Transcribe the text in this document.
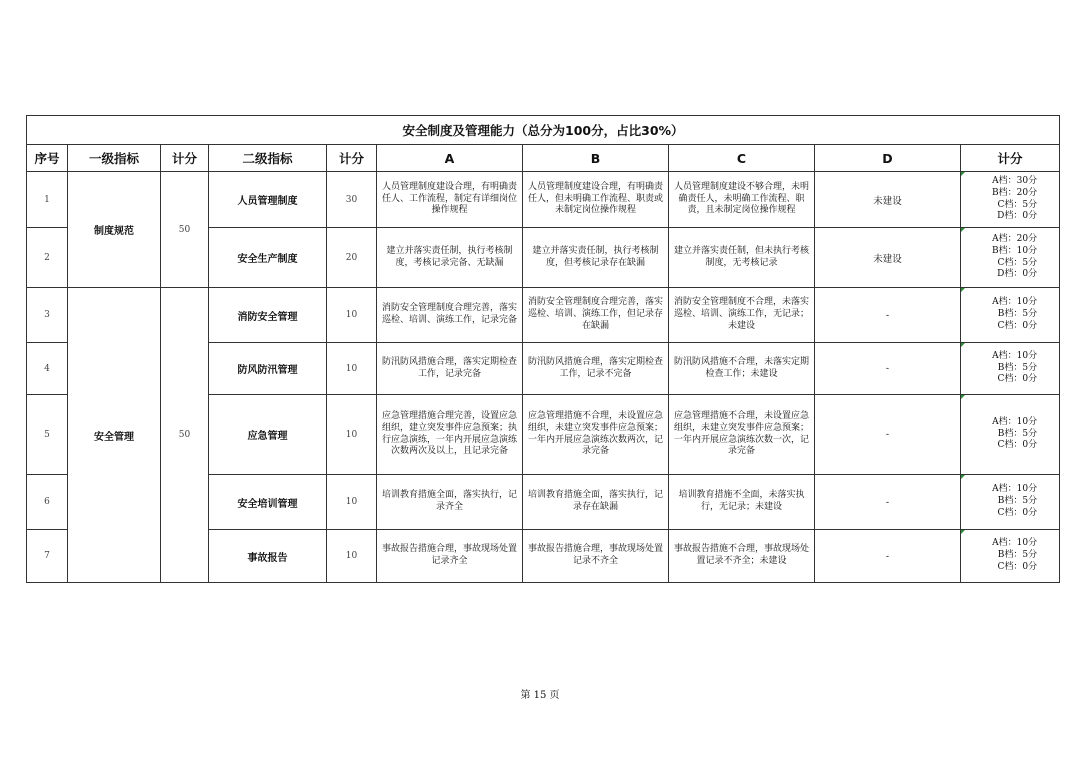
安全制度及管理能力（总分为100分，占比30%）									
序号	一级指标	计分	二级指标	计分	A	B	C	D	计分
1	制度规范	50	人员管理制度	30	人员管理制度建设合理，有明确责任人、工作流程，制定有详细岗位操作规程	人员管理制度建设合理，有明确责任人，但未明确工作流程、职责或未制定岗位操作规程	人员管理制度建设不够合理，未明确责任人，未明确工作流程、职责，且未制定岗位操作规程	未建设	A档：30分
B档：20分
C档：5分
D档：0分
2			安全生产制度	20	建立并落实责任制，执行考核制度，考核记录完备、无缺漏	建立并落实责任制，执行考核制度，但考核记录存在缺漏	建立并落实责任制，但未执行考核制度，无考核记录	未建设	A档：20分
B档：10分
C档：5分
D档：0分
3	安全管理	50	消防安全管理	10	消防安全管理制度合理完善，落实巡检、培训、演练工作，记录完备	消防安全管理制度合理完善，落实巡检、培训、演练工作，但记录存在缺漏	消防安全管理制度不合理，未落实巡检、培训、演练工作，无记录；未建设	-	A档：10分
B档：5分
C档：0分
4			防风防汛管理	10	防汛防风措施合理，落实定期检查工作，记录完备	防汛防风措施合理，落实定期检查工作，记录不完备	防汛防风措施不合理，未落实定期检查工作；未建设	-	A档：10分
B档：5分
C档：0分
5			应急管理	10	应急管理措施合理完善，设置应急组织，建立突发事件应急预案；执行应急演练，一年内开展应急演练次数两次及以上，且记录完备	应急管理措施不合理，未设置应急组织，未建立突发事件应急预案；一年内开展应急演练次数两次，记录完备	应急管理措施不合理，未设置应急组织，未建立突发事件应急预案；一年内开展应急演练次数一次，记录完备	-	A档：10分
B档：5分
C档：0分
6			安全培训管理	10	培训教育措施全面，落实执行，记录齐全	培训教育措施全面，落实执行，记录存在缺漏	培训教育措施不全面，未落实执行，无记录；未建设	-	A档：10分
B档：5分
C档：0分
7			事故报告	10	事故报告措施合理，事故现场处置记录齐全	事故报告措施合理，事故现场处置记录不齐全	事故报告措施不合理，事故现场处置记录不齐全；未建设	-	A档：10分
B档：5分
C档：0分
第 15 页
